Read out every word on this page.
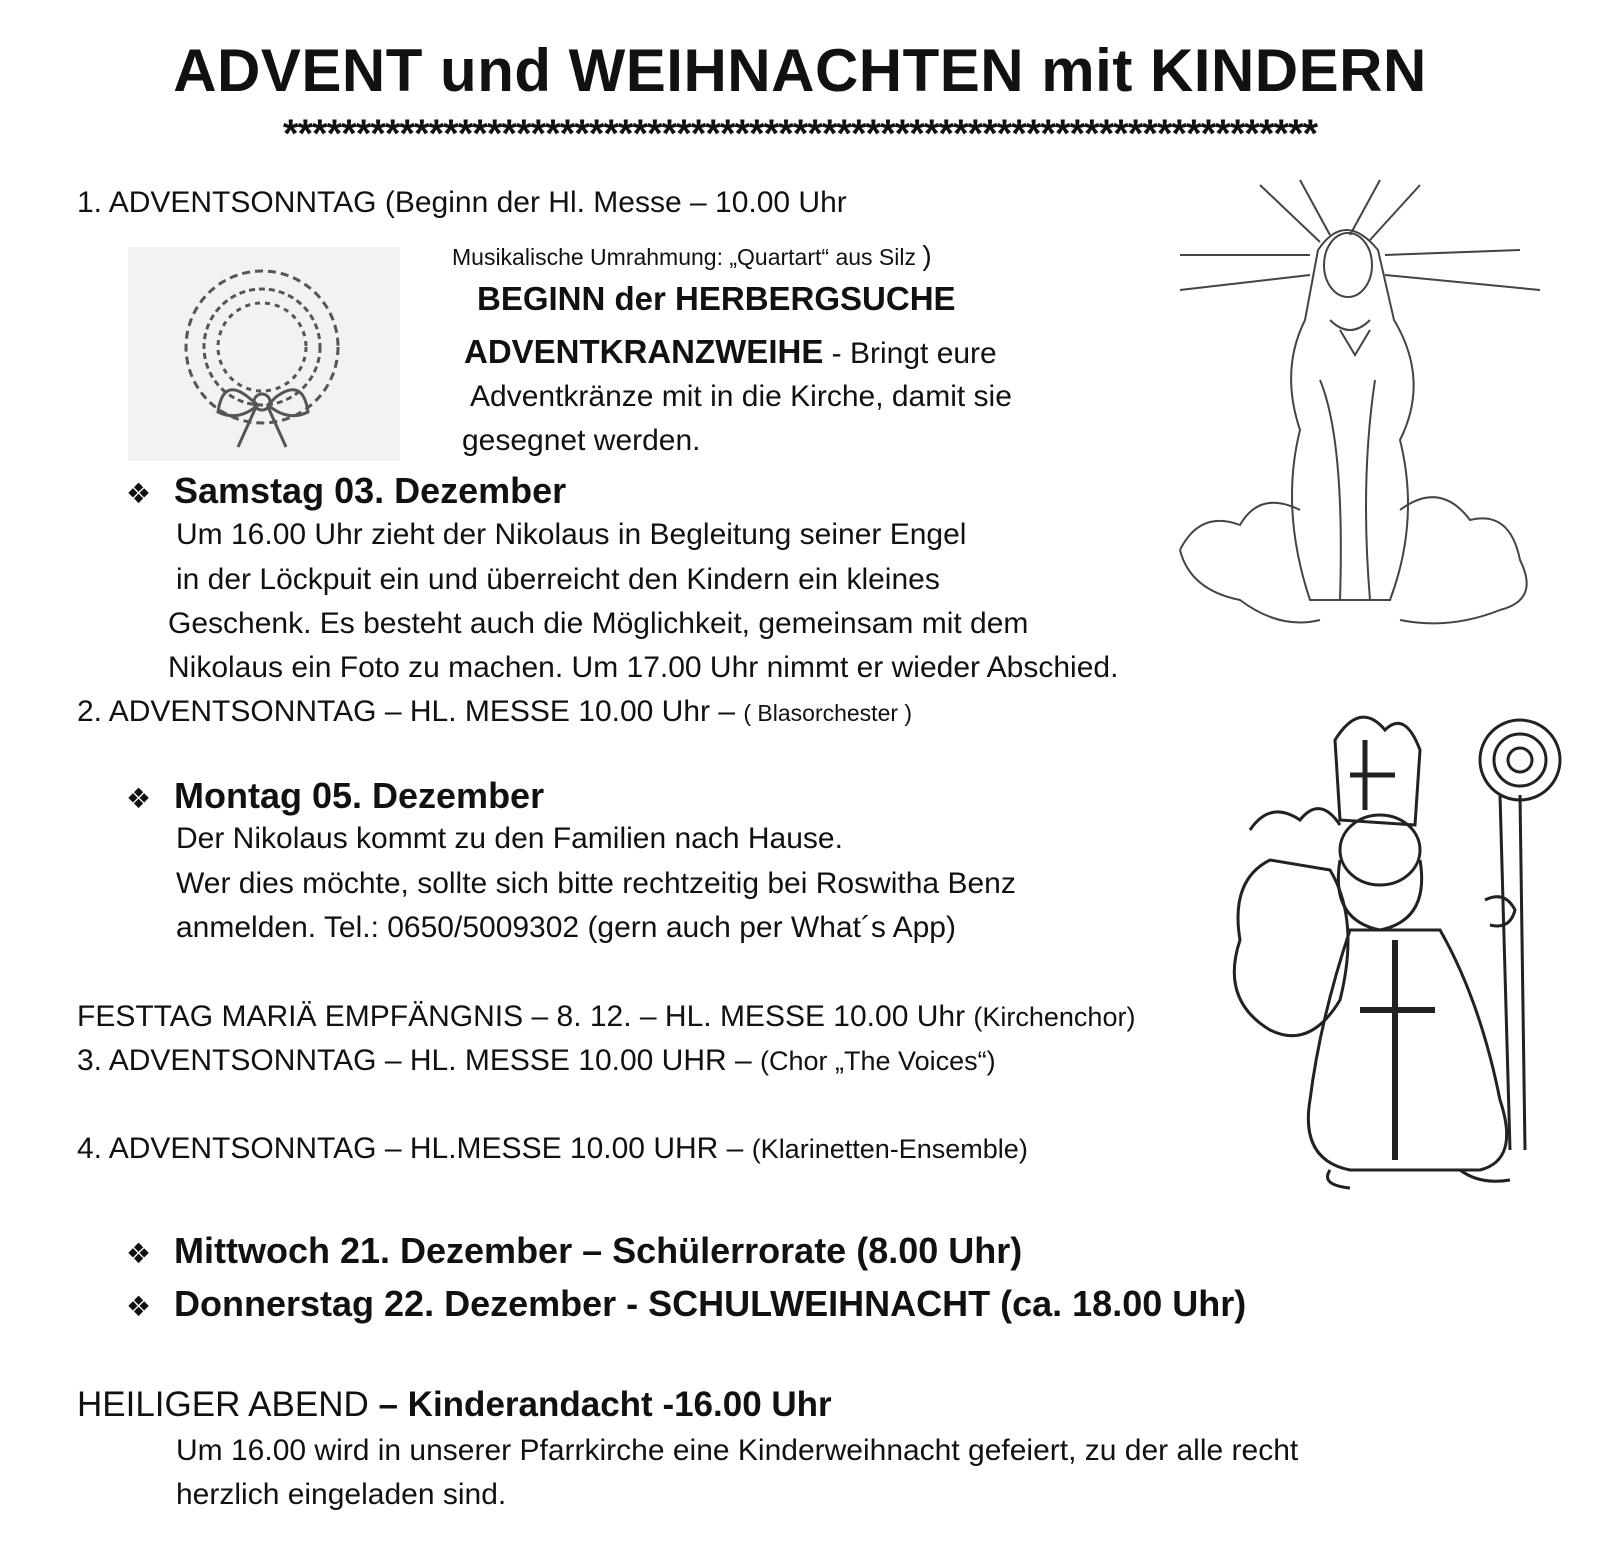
ADVENT und WEIHNACHTEN mit KINDERN
***********************************************************************
1. ADVENTSONNTAG (Beginn der Hl. Messe – 10.00 Uhr
Musikalische Umrahmung: „Quartart“ aus Silz )
BEGINN der HERBERGSUCHE
ADVENTKRANZWEIHE - Bringt eure
Adventkränze mit in die Kirche, damit sie
gesegnet werden.
❖ Samstag 03. Dezember
Um 16.00 Uhr zieht der Nikolaus in Begleitung seiner Engel
in der Löckpuit ein und überreicht den Kindern ein kleines
Geschenk. Es besteht auch die Möglichkeit, gemeinsam mit dem
Nikolaus ein Foto zu machen. Um 17.00 Uhr nimmt er wieder Abschied.
2. ADVENTSONNTAG – HL. MESSE 10.00 Uhr – ( Blasorchester )
❖ Montag 05. Dezember
Der Nikolaus kommt zu den Familien nach Hause.
Wer dies möchte, sollte sich bitte rechtzeitig bei Roswitha Benz
anmelden. Tel.: 0650/5009302 (gern auch per What´s App)
FESTTAG MARIÄ EMPFÄNGNIS – 8. 12. – HL. MESSE 10.00 Uhr (Kirchenchor)
3. ADVENTSONNTAG – HL. MESSE 10.00 UHR – (Chor „The Voices“)
4. ADVENTSONNTAG – HL.MESSE 10.00 UHR – (Klarinetten-Ensemble)
❖ Mittwoch 21. Dezember – Schülerrorate (8.00 Uhr)
❖ Donnerstag 22. Dezember - SCHULWEIHNACHT (ca. 18.00 Uhr)
HEILIGER ABEND – Kinderandacht -16.00 Uhr
Um 16.00 wird in unserer Pfarrkirche eine Kinderweihnacht gefeiert, zu der alle recht
herzlich eingeladen sind.
